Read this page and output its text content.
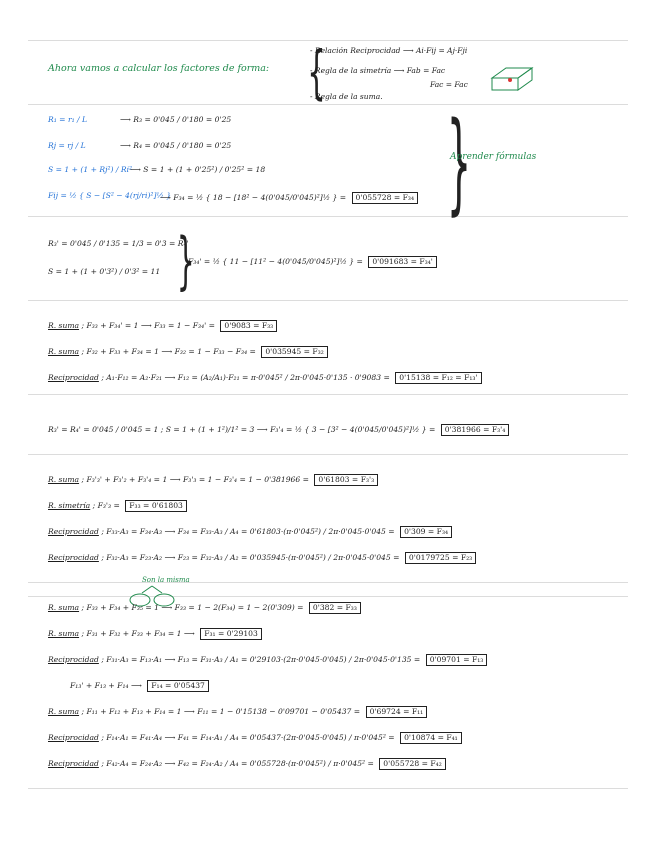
Ahora vamos a calcular los factores de forma: {
- Relación Reciprocidad ⟶ Ai·Fij = Aj·Fji
- Regla de la simetría ⟶ Fab = Fac
Fac = Fac
- Regla de la suma.
R₁ = r₁ / L	⟶ R₃ = 0'045 / 0'180 = 0'25
Rj = rj / L	⟶ R₄ = 0'045 / 0'180 = 0'25
S = 1 + (1 + Rj²) / Ri²
⟶ S = 1 + (1 + 0'25²) / 0'25² = 18
Fij = ½ { S − [S² − 4(rj/ri)²]½ }
⟶ F₃₄ = ½ { 18 − [18² − 4(0'045/0'045)²]½ } = 0'055728 = F₃₄ }
Aprender fórmulas
R₃' = 0'045 / 0'135 = 1/3 = 0'3 = R₄'
S = 1 + (1 + 0'3²) / 0'3² = 11 }
F₃₄' = ½ { 11 − [11² − 4(0'045/0'045)²]½ } = 0'091683 = F₃₄'
R. suma ; F₃₃ + F₃₄' = 1 ⟶ F₃₃ = 1 − F₃₄' = 0'9083 = F₃₃
R. suma ; F₃₂ + F₃₃ + F₃₄ = 1 ⟶ F₃₂ = 1 − F₃₃ − F₃₄ = 0'035945 = F₃₂
Reciprocidad ; A₁·F₁₂ = A₂·F₂₁ ⟶ F₁₂ = (A₂/A₁)·F₂₁ = π·0'045² / 2π·0'045·0'135 · 0'9083 = 0'15138 = F₁₂ = F₁₃'
R₃' = R₄' = 0'045 / 0'045 = 1 ; S = 1 + (1 + 1²)/1² = 3 ⟶ F₃'₄ = ½ { 3 − [3² − 4(0'045/0'045)²]½ } = 0'381966 = F₃'₄
R. suma ; F₃'₃' + F₃'₂ + F₃'₄ = 1 ⟶ F₃'₃ = 1 − F₃'₄ = 1 − 0'381966 = 0'61803 = F₃'₃
R. simetría ; F₃'₃ = F₃₃ = 0'61803
Reciprocidad ; F₃₃·A₃ = F₃₄·A₃ ⟶ F₃₄ = F₃₃·A₃ / A₄ = 0'61803·(π·0'045²) / 2π·0'045·0'045 = 0'309 = F₃₄
Reciprocidad ; F₃₂·A₃ = F₂₃·A₂ ⟶ F₂₃ = F₃₂·A₃ / A₂ = 0'035945·(π·0'045²) / 2π·0'045·0'045 = 0'0179725 = F₂₃
Son la misma
R. suma ; F₃₃ + F₃₄ + F₃₅ = 1 ⟶ F₃₃ = 1 − 2(F₃₄) = 1 − 2(0'309) = 0'382 = F₃₃
R. suma ; F₃₁ + F₃₂ + F₃₃ + F₃₄ = 1 ⟶ F₃₁ = 0'29103
Reciprocidad ; F₃₁·A₃ = F₁₃·A₁ ⟶ F₁₃ = F₃₁·A₃ / A₁ = 0'29103·(2π·0'045·0'045) / 2π·0'045·0'135 = 0'09701 = F₁₃
F₁₃' + F₁₃ + F₁₄ ⟶ F₁₄ = 0'05437
R. suma ; F₁₁ + F₁₂ + F₁₃ + F₁₄ = 1 ⟶ F₁₁ = 1 − 0'15138 − 0'09701 − 0'05437 = 0'69724 = F₁₁
Reciprocidad ; F₁₄·A₁ = F₄₁·A₄ ⟶ F₄₁ = F₁₄·A₁ / A₄ = 0'05437·(2π·0'045·0'045) / π·0'045² = 0'10874 = F₄₁
Reciprocidad ; F₄₂·A₄ = F₂₄·A₂ ⟶ F₄₂ = F₂₄·A₂ / A₄ = 0'055728·(π·0'045²) / π·0'045² = 0'055728 = F₄₂
